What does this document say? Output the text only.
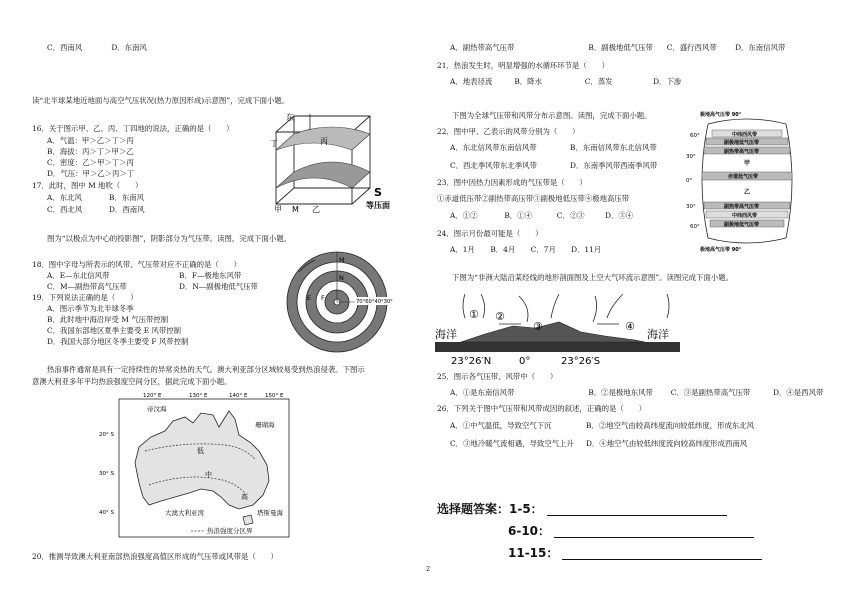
C．西南风	D．东南风
读“北半球某地近地面与高空气压状况(热力原因形成)示意图”，完成下面小题。
16．关于图示甲、乙、丙、丁四地的说法，正确的是（　　）
A．气温：甲＞乙＞丁＞丙
B．海拔：丙＞丁＞甲＞乙
C．密度：乙＞甲＞丁＞丙
D．气压：甲＞乙＞丙＞丁
17．此时，图中 M 地吹（　　）
A．东北风	B．东南风
C．西北风	D．西南风
东
丁	丙
甲 M 乙
S
等压面
图为“以极点为中心的投影图”，阴影部分为气压带。读图，完成下面小题。
18．图中字母与所表示的风带、气压带对应不正确的是（　　）
A．E—东北信风带	B．F—极地东风带
C．M—副热带高气压带	D．N—副极地低气压带
19．下列说法正确的是（　　）
A．图示季节为北半球冬季
B．此时地中海沿岸受 M 气压带控制
C．我国东部地区夏季主要受 E 风带控制
D．我国大部分地区冬季主要受 F 风带控制
M
N
E F	70°60°40°30°
热浪事件通常是具有一定持续性的异常炎热的天气。澳大利亚部分区域较易受到热浪侵袭。下图示
意澳大利亚多年平均热浪强度空间分区，据此完成下面小题。
120° E	130° E	140° E	150° E
20° S
30° S
40° S
帝汶海
珊瑚海
低
中
高
大澳大利亚湾	塔斯曼海
热浪强度分区界
20．推测导致澳大利亚南部热浪强度高值区形成的气压带或风带是（　　）
2
A．副热带高气压带	B．副极地低气压带 C．盛行西风带 D．东南信风带
21．热浪发生时，明显增强的水循环环节是（　　）
A．地表径流	B．降水	C．蒸发	D．下渗
下图为全球气压带和风带分布示意图。读图，完成下面小题。
22．图中甲、乙表示的风带分别为（　　）
A．东北信风带东南信风带	B．东南信风带东北信风带
C．西北季风带东北季风带	D．东南季风带西南季风带
23．图中因热力因素形成的气压带是（　　）
①赤道低压带②副热带高压带③副极地低压带④极地高压带
A．①②	B．①④	C．②③	D．③④
24．图示月份最可能是（　　）
A．1月 B．4月 C．7月 D．11月
极地高气压带 90°
中纬西风带
副极地低气压带
副热带高气压带
甲
赤道低气压带
乙
副热带高气压带
中纬西风带
副极地低气压带
极地高气压带 90°
60°
30°
0°
30°
60°
下图为“非洲大陆沿某经线的地形剖面图及上空大气环流示意图”。读图完成下面小题。
海洋	海洋
① ②
③	④
23°26′N	0°	23°26′S
25．图示各气压带、风带中（　　）
A．①是东南信风带	B．②是极地东风带 C．③是副热带高气压带	D．④是西风带
26．下列关于图中气压带和风带成因的叙述，正确的是（　　）
A．①中气温低，导致空气下沉	B．②地空气由较高纬度流向较低纬度，形成东北风
C．③地冷暖气流相遇，导致空气上升 D．④地空气由较低纬度流向较高纬度形成西南风
选择题答案：1-5：
6-10：
11-15：
